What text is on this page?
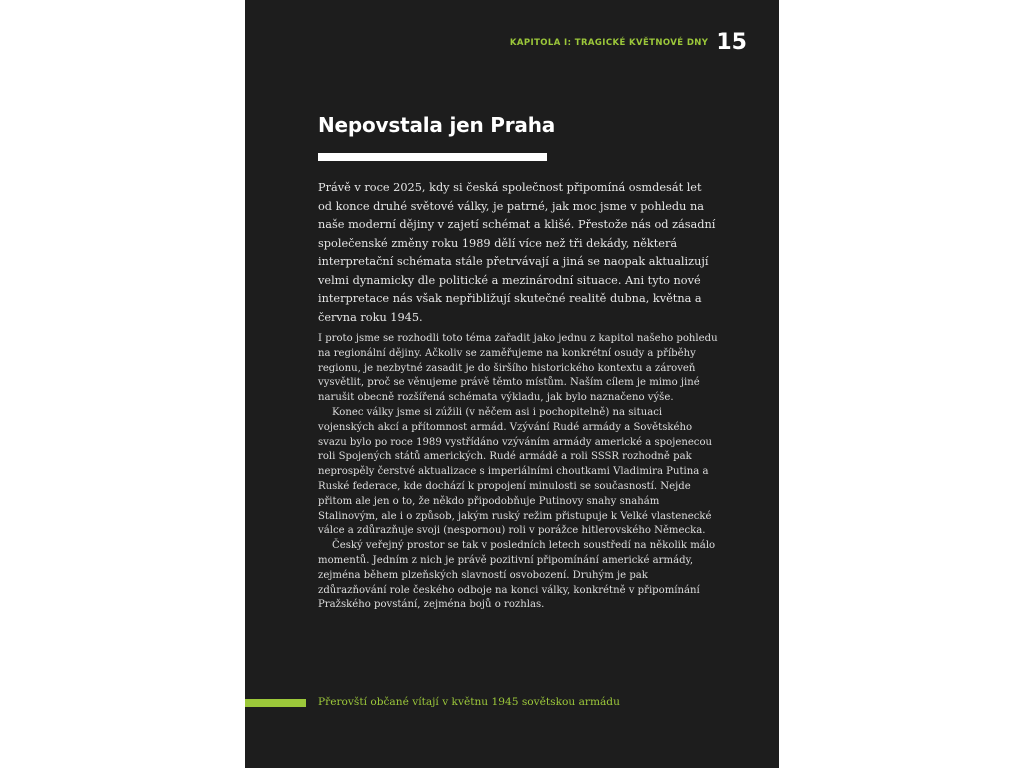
KAPITOLA I: TRAGICKÉ KVĚTNOVÉ DNY 15
Nepovstala jen Praha

Právě v roce 2025, kdy si česká společnost připomíná osmdesát let od konce druhé světové války, je patrné, jak moc jsme v pohledu na naše moderní dějiny v zajetí schémat a klišé. Přestože nás od zásadní společenské změny roku 1989 dělí více než tři dekády, některá interpretační schémata stále přetrvávají a jiná se naopak aktualizují velmi dynamicky dle politické a mezinárodní situace. Ani tyto nové interpretace nás však nepřibližují skutečné realitě dubna, května a června roku 1945.

I proto jsme se rozhodli toto téma zařadit jako jednu z kapitol našeho pohledu na regionální dějiny. Ačkoliv se zaměřujeme na konkrétní osudy a příběhy regionu, je nezbytné zasadit je do širšího historického kontextu a zároveň vysvětlit, proč se věnujeme právě těmto místům. Naším cílem je mimo jiné narušit obecně rozšířená schémata výkladu, jak bylo naznačeno výše.

Konec války jsme si zúžili (v něčem asi i pochopitelně) na situaci vojenských akcí a přítomnost armád. Vzývání Rudé armády a Sovětského svazu bylo po roce 1989 vystřídáno vzýváním armády americké a spojenecou roli Spojených států amerických. Rudé armádě a roli SSSR rozhodně pak neprospěly čerstvé aktualizace s imperiálními choutkami Vladimira Putina a Ruské federace, kde dochází k propojení minulosti se současností. Nejde přitom ale jen o to, že někdo připodobňuje Putinovy snahy snahám Stalinovým, ale i o způsob, jakým ruský režim přistupuje k Velké vlastenecké válce a zdůrazňuje svoji (nespornou) roli v porážce hitlerovského Německa.

Český veřejný prostor se tak v posledních letech soustředí na několik málo momentů. Jedním z nich je právě pozitivní připomínání americké armády, zejména během plzeňských slavností osvobození. Druhým je pak zdůrazňování role českého odboje na konci války, konkrétně v připomínání Pražského povstání, zejména bojů o rozhlas.

Přerovští občané vítají v květnu 1945 sovětskou armádu
